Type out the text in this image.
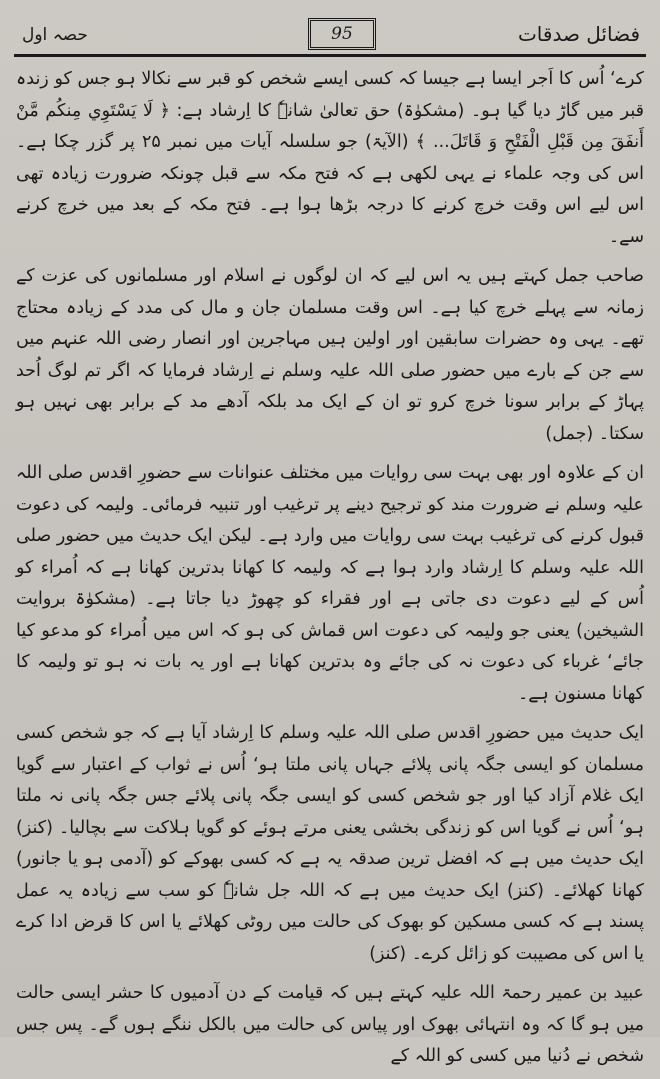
حصہ اول	95	فضائل صدقات

کرے‘ اُس کا اَجر ایسا ہے جیسا کہ کسی ایسے شخص کو قبر سے نکالا ہو جس کو زندہ قبر میں گاڑ دیا گیا ہو۔ (مشکوٰۃ) حق تعالیٰ شانہٗ کا اِرشاد ہے: ﴿ لَا يَسْتَوِي مِنكُم مَّنْ أَنفَقَ مِن قَبْلِ الْفَتْحِ وَ قَاتَلَ... ﴾ (الآیۃ) جو سلسلہ آیات میں نمبر ۲۵ پر گزر چکا ہے۔ اس کی وجہ علماء نے یہی لکھی ہے کہ فتح مکہ سے قبل چونکہ ضرورت زیادہ تھی اس لیے اس وقت خرچ کرنے کا درجہ بڑھا ہوا ہے۔ فتح مکہ کے بعد میں خرچ کرنے سے۔

صاحب جمل کہتے ہیں یہ اس لیے کہ ان لوگوں نے اسلام اور مسلمانوں کی عزت کے زمانہ سے پہلے خرچ کیا ہے۔ اس وقت مسلمان جان و مال کی مدد کے زیادہ محتاج تھے۔ یہی وہ حضرات سابقین اور اولین ہیں مہاجرین اور انصار رضی اللہ عنہم میں سے جن کے بارے میں حضور صلی اللہ علیہ وسلم نے اِرشاد فرمایا کہ اگر تم لوگ اُحد پہاڑ کے برابر سونا خرچ کرو تو ان کے ایک مد بلکہ آدھے مد کے برابر بھی نہیں ہو سکتا۔ (جمل)

ان کے علاوہ اور بھی بہت سی روایات میں مختلف عنوانات سے حضورِ اقدس صلی اللہ علیہ وسلم نے ضرورت مند کو ترجیح دینے پر ترغیب اور تنبیہ فرمائی۔ ولیمہ کی دعوت قبول کرنے کی ترغیب بہت سی روایات میں وارد ہے۔ لیکن ایک حدیث میں حضور صلی اللہ علیہ وسلم کا اِرشاد وارد ہوا ہے کہ ولیمہ کا کھانا بدترین کھانا ہے کہ اُمراء کو اُس کے لیے دعوت دی جاتی ہے اور فقراء کو چھوڑ دیا جاتا ہے۔ (مشکوٰۃ بروایت الشیخین) یعنی جو ولیمہ کی دعوت اس قماش کی ہو کہ اس میں اُمراء کو مدعو کیا جائے‘ غرباء کی دعوت نہ کی جائے وہ بدترین کھانا ہے اور یہ بات نہ ہو تو ولیمہ کا کھانا مسنون ہے۔

ایک حدیث میں حضورِ اقدس صلی اللہ علیہ وسلم کا اِرشاد آیا ہے کہ جو شخص کسی مسلمان کو ایسی جگہ پانی پلائے جہاں پانی ملتا ہو‘ اُس نے ثواب کے اعتبار سے گویا ایک غلام آزاد کیا اور جو شخص کسی کو ایسی جگہ پانی پلائے جس جگہ پانی نہ ملتا ہو‘ اُس نے گویا اس کو زندگی بخشی یعنی مرتے ہوئے کو گویا ہلاکت سے بچالیا۔ (کنز) ایک حدیث میں ہے کہ افضل ترین صدقہ یہ ہے کہ کسی بھوکے کو (آدمی ہو یا جانور) کھانا کھلائے۔ (کنز) ایک حدیث میں ہے کہ اللہ جل شانہٗ کو سب سے زیادہ یہ عمل پسند ہے کہ کسی مسکین کو بھوک کی حالت میں روٹی کھلائے یا اس کا قرض ادا کرے یا اس کی مصیبت کو زائل کرے۔ (کنز)

عبید بن عمیر رحمۃ اللہ علیہ کہتے ہیں کہ قیامت کے دن آدمیوں کا حشر ایسی حالت میں ہو گا کہ وہ انتہائی بھوک اور پیاس کی حالت میں بالکل ننگے ہوں گے۔ پس جس شخص نے دُنیا میں کسی کو اللہ کے
